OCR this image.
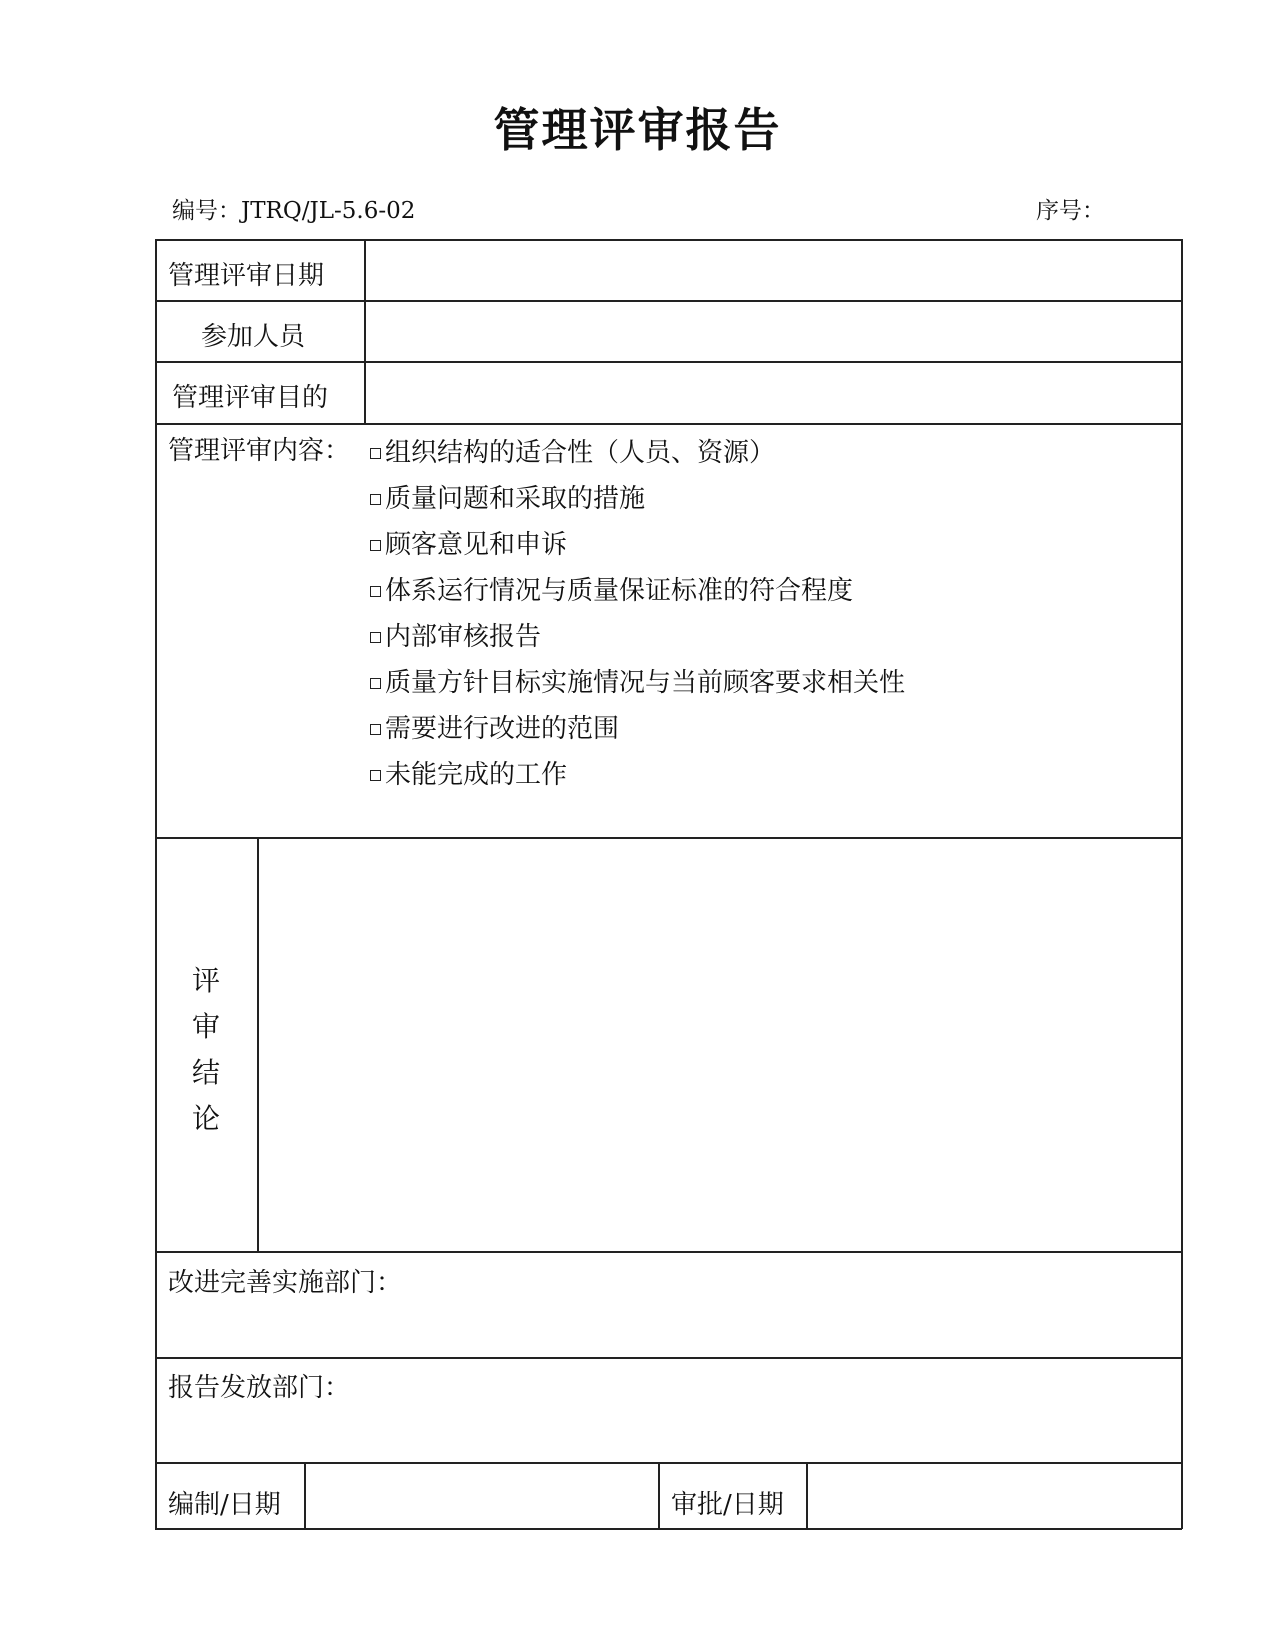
管理评审报告
编号：JTRQ/JL-5.6-02	序号：
管理评审日期
参加人员
管理评审目的
管理评审内容： 组织结构的适合性（人员、资源）
质量问题和采取的措施
顾客意见和申诉
体系运行情况与质量保证标准的符合程度
内部审核报告
质量方针目标实施情况与当前顾客要求相关性
需要进行改进的范围
未能完成的工作
评
审
结
论
改进完善实施部门：
报告发放部门：
编制/日期	审批/日期
